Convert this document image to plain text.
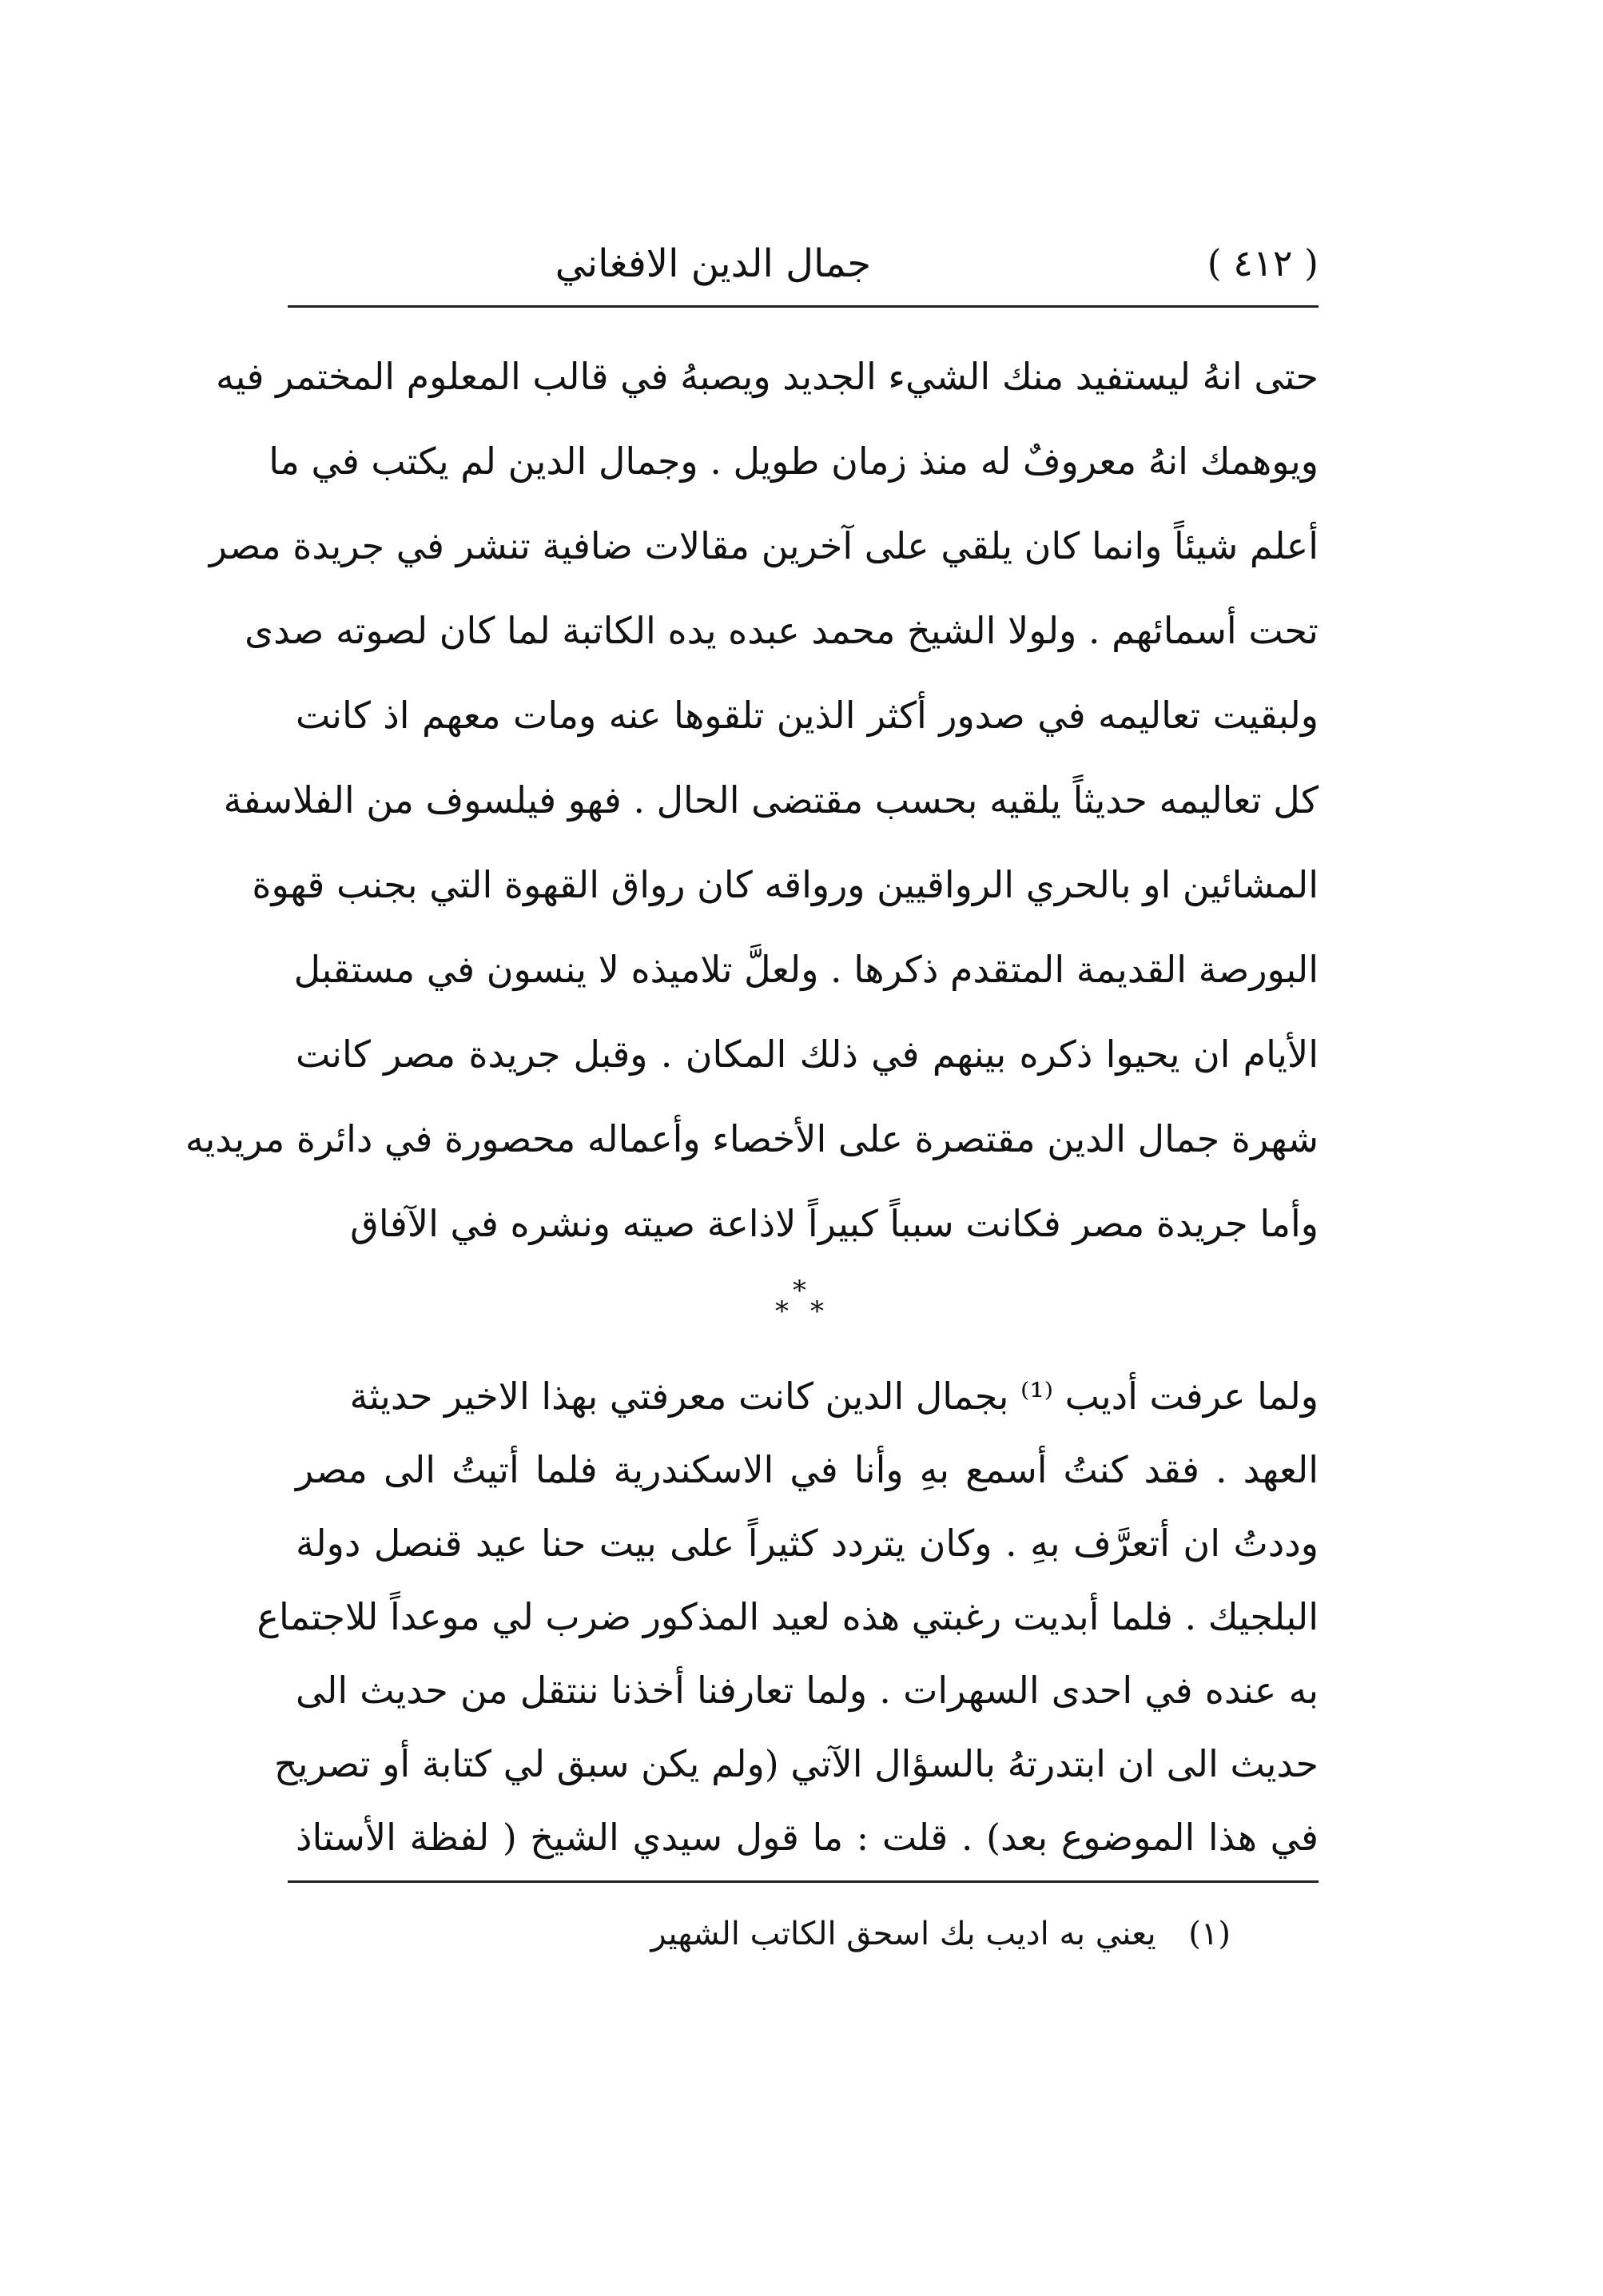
( ٤١٢ )
جمال الدين الافغاني
حتى انهُ ليستفيد منك الشيء الجديد ويصبهُ في قالب المعلوم المختمر فيه
ويوهمك انهُ معروفٌ له منذ زمان طويل . وجمال الدين لم يكتب في ما
أعلم شيئاً وانما كان يلقي على آخرين مقالات ضافية تنشر في جريدة مصر
تحت أسمائهم . ولولا الشيخ محمد عبده يده الكاتبة لما كان لصوته صدى
ولبقيت تعاليمه في صدور أكثر الذين تلقوها عنه ومات معهم اذ كانت
كل تعاليمه حديثاً يلقيه بحسب مقتضى الحال . فهو فيلسوف من الفلاسفة
المشائين او بالحري الرواقيين ورواقه كان رواق القهوة التي بجنب قهوة
البورصة القديمة المتقدم ذكرها . ولعلَّ تلاميذه لا ينسون في مستقبل
الأيام ان يحيوا ذكره بينهم في ذلك المكان . وقبل جريدة مصر كانت
شهرة جمال الدين مقتصرة على الأخصاء وأعماله محصورة في دائرة مريديه
وأما جريدة مصر فكانت سبباً كبيراً لاذاعة صيته ونشره في الآفاق
*
* *
ولما عرفت أديب ⁽¹⁾ بجمال الدين كانت معرفتي بهذا الاخير حديثة
العهد . فقد كنتُ أسمع بهِ وأنا في الاسكندرية فلما أتيتُ الى مصر
وددتُ ان أتعرَّف بهِ . وكان يتردد كثيراً على بيت حنا عيد قنصل دولة
البلجيك . فلما أبديت رغبتي هذه لعيد المذكور ضرب لي موعداً للاجتماع
به عنده في احدى السهرات . ولما تعارفنا أخذنا ننتقل من حديث الى
حديث الى ان ابتدرتهُ بالسؤال الآتي (ولم يكن سبق لي كتابة أو تصريح
في هذا الموضوع بعد) . قلت : ما قول سيدي الشيخ ( لفظة الأستاذ
(١) يعني به اديب بك اسحق الكاتب الشهير
